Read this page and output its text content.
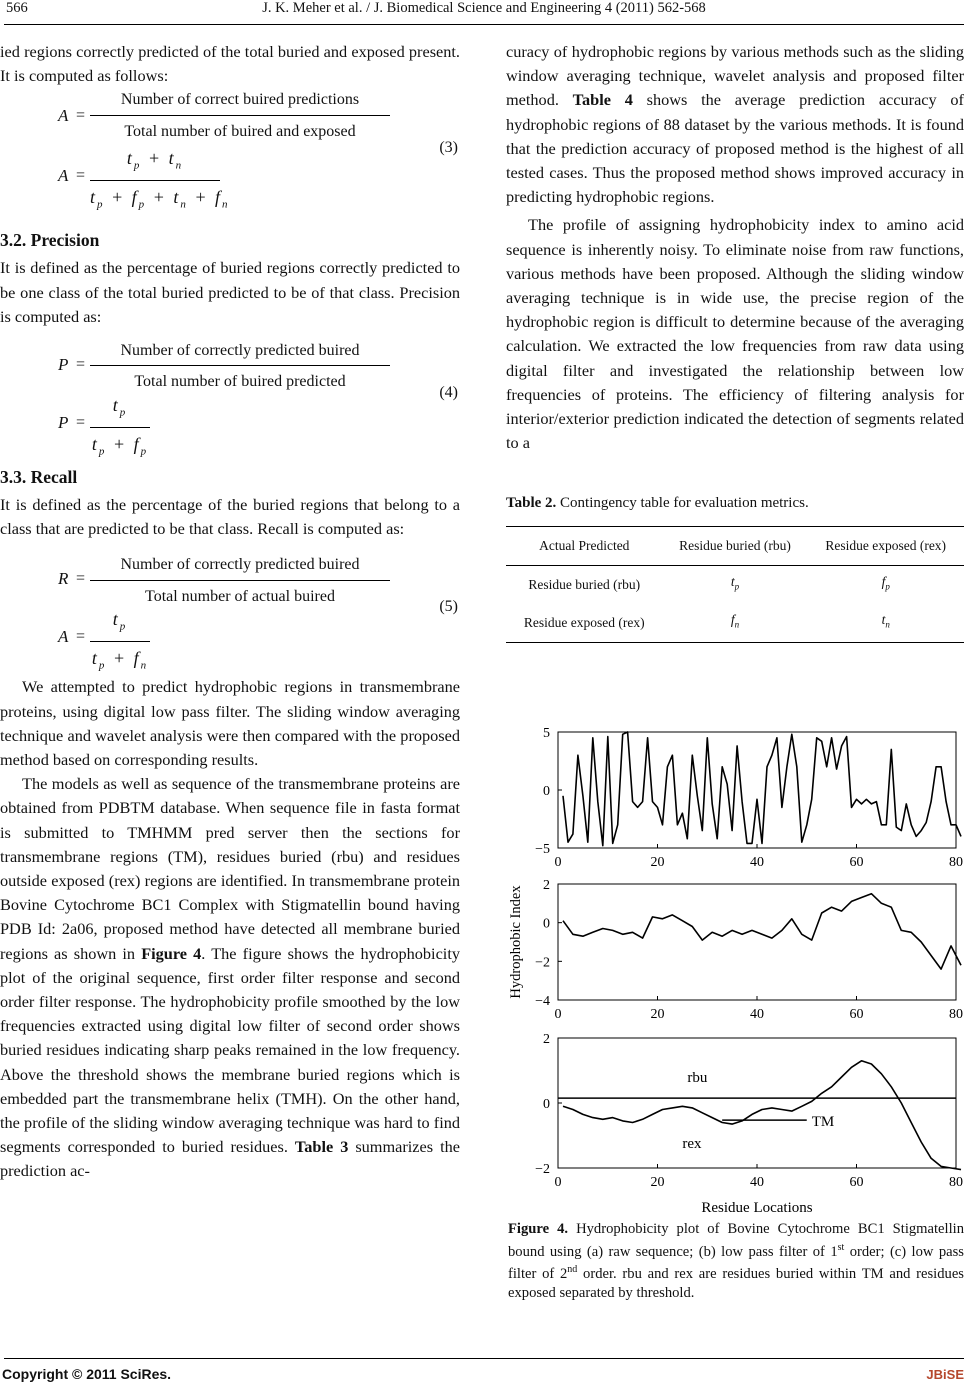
566	J. K. Meher et al. / J. Biomedical Science and Engineering 4 (2011) 562-568

ied regions correctly predicted of the total buried and exposed present. It is computed as follows:

A =
Number of correct buired predictions
Total number of buired and exposed
$A = \frac{t_p + t_n}{t_p + f_p + t_n + f_n}$	(3)
3.2. Precision

It is defined as the percentage of buried regions correctly predicted to be one class of the total buried predicted to be of that class. Precision is computed as:

P =
Number of correctly predicted buired
Total number of buired predicted
$P = \frac{t_p}{t_p + f_p}$
(4)
3.3. Recall

It is defined as the percentage of the buried regions that belong to a class that are predicted to be that class. Recall is computed as:

R =
Number of correctly predicted buired
Total number of actual buired
$A = \frac{t_p}{t_p + f_n}$
(5)

We attempted to predict hydrophobic regions in transmembrane proteins, using digital low pass filter. The sliding window averaging technique and wavelet analysis were then compared with the proposed method based on corresponding results.

The models as well as sequence of the transmembrane proteins are obtained from PDBTM database. When sequence file in fasta format is submitted to TMHMM pred server then the sections for transmembrane regions (TM), residues buried (rbu) and residues outside exposed (rex) regions are identified. In transmembrane protein Bovine Cytochrome BC1 Complex with Stigmatellin bound having PDB Id: 2a06, proposed method have detected all membrane buried regions as shown in Figure 4. The figure shows the hydrophobicity plot of the original sequence, first order filter response and second order filter response. The hydrophobicity profile smoothed by the low frequencies extracted using digital low filter of second order shows buried residues indicating sharp peaks remained in the low frequency. Above the threshold shows the membrane buried regions which is embedded part the transmembrane helix (TMH). On the other hand, the profile of the sliding window averaging technique was hard to find segments corresponded to buried residues. Table 3 summarizes the prediction ac-

curacy of hydrophobic regions by various methods such as the sliding window averaging technique, wavelet analysis and proposed filter method. Table 4 shows the average prediction accuracy of hydrophobic regions of 88 dataset by the various methods. It is found that the prediction accuracy of proposed method is the highest of all tested cases. Thus the proposed method shows improved accuracy in predicting hydrophobic regions.

The profile of assigning hydrophobicity index to amino acid sequence is inherently noisy. To eliminate noise from raw functions, various methods have been proposed. Although the sliding window averaging technique is in wide use, the precise region of the hydrophobic region is difficult to determine because of the averaging calculation. We extracted the low frequencies from raw data using digital filter and investigated the relationship between low frequencies of proteins. The efficiency of filtering analysis for interior/exterior prediction indicated the detection of segments related to a

Table 2. Contingency table for evaluation metrics.

Actual Predicted	Residue buried (rbu)	Residue exposed (rex)
Residue buried (rbu)	$t_p$	$f_p$
Residue exposed (rex)	$f_n$	$t_n$
5
0
−5
0	20	40	60	80
2
0
−2
−4
0	20	40	60	80
Hydrophobic Index
2
0
−2
0	20	40	60	80
Residue Locations
rbu
TM
rex
Figure 4. Hydrophobicity plot of Bovine Cytochrome BC1 Stigmatellin bound using (a) raw sequence; (b) low pass filter of 1st order; (c) low pass filter of 2nd order. rbu and rex are residues buried within TM and residues exposed separated by threshold.
Copyright © 2011 SciRes.	JBiSE
